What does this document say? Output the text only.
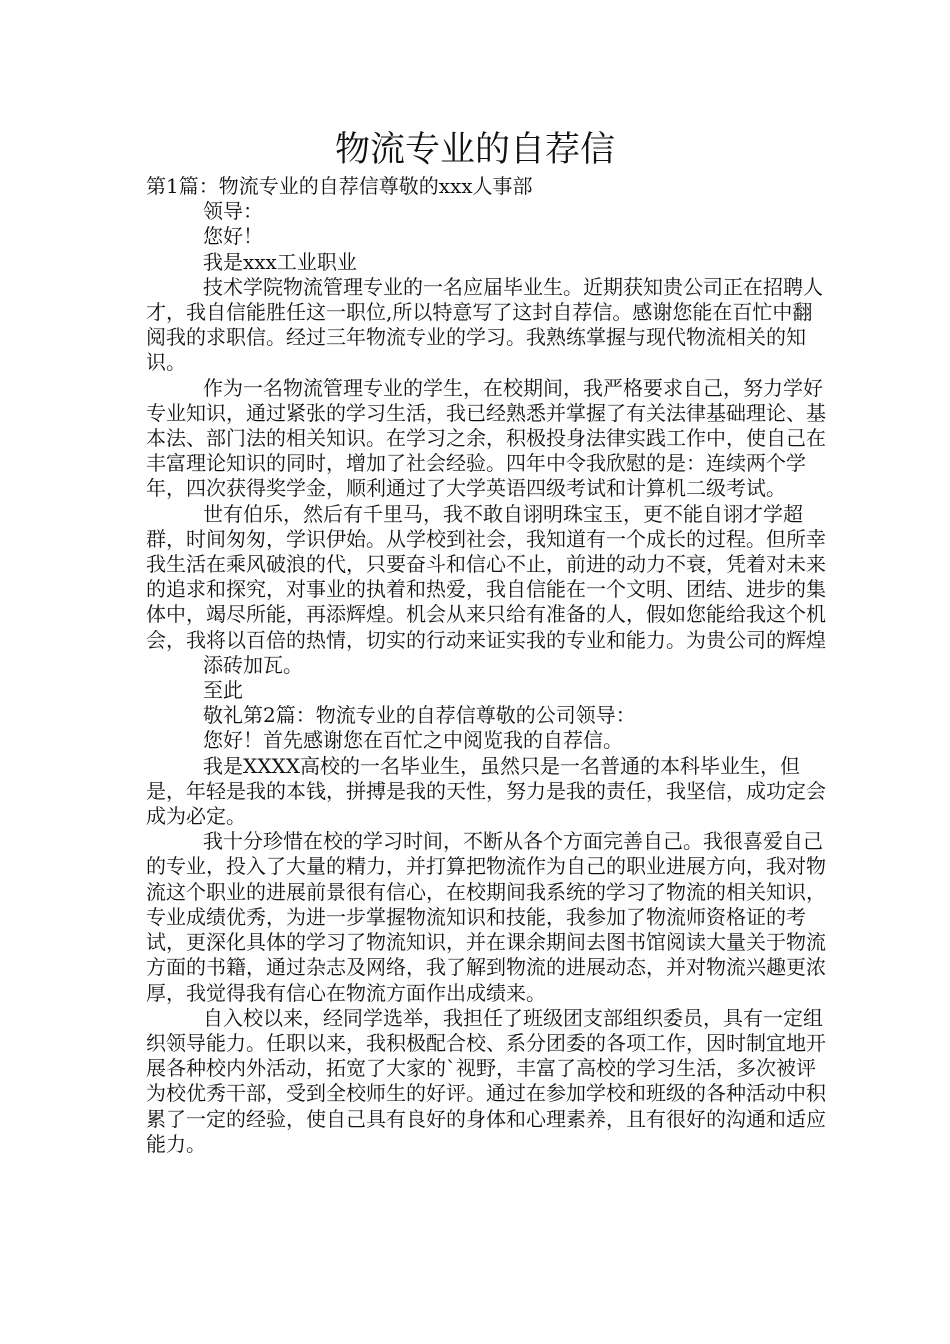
物流专业的自荐信

第1篇：物流专业的自荐信尊敬的xxx人事部

领导：

您好！

我是xxx工业职业

技术学院物流管理专业的一名应届毕业生。近期获知贵公司正在招聘人才，我自信能胜任这一职位,所以特意写了这封自荐信。感谢您能在百忙中翻阅我的求职信。经过三年物流专业的学习。我熟练掌握与现代物流相关的知识。

作为一名物流管理专业的学生，在校期间，我严格要求自己，努力学好专业知识，通过紧张的学习生活，我已经熟悉并掌握了有关法律基础理论、基本法、部门法的相关知识。在学习之余，积极投身法律实践工作中，使自己在丰富理论知识的同时，增加了社会经验。四年中令我欣慰的是：连续两个学年，四次获得奖学金，顺利通过了大学英语四级考试和计算机二级考试。

世有伯乐，然后有千里马，我不敢自诩明珠宝玉，更不能自诩才学超群，时间匆匆，学识伊始。从学校到社会，我知道有一个成长的过程。但所幸我生活在乘风破浪的代，只要奋斗和信心不止，前进的动力不衰，凭着对未来的追求和探究，对事业的执着和热爱，我自信能在一个文明、团结、进步的集体中，竭尽所能，再添辉煌。机会从来只给有准备的人，假如您能给我这个机会，我将以百倍的热情，切实的行动来证实我的专业和能力。为贵公司的辉煌

添砖加瓦。

至此

敬礼第2篇：物流专业的自荐信尊敬的公司领导：

您好！首先感谢您在百忙之中阅览我的自荐信。

我是XXXX高校的一名毕业生，虽然只是一名普通的本科毕业生，但是，年轻是我的本钱，拼搏是我的天性，努力是我的责任，我坚信，成功定会成为必定。

我十分珍惜在校的学习时间，不断从各个方面完善自己。我很喜爱自己的专业，投入了大量的精力，并打算把物流作为自己的职业进展方向，我对物流这个职业的进展前景很有信心，在校期间我系统的学习了物流的相关知识，专业成绩优秀，为进一步掌握物流知识和技能，我参加了物流师资格证的考试，更深化具体的学习了物流知识，并在课余期间去图书馆阅读大量关于物流方面的书籍，通过杂志及网络，我了解到物流的进展动态，并对物流兴趣更浓厚，我觉得我有信心在物流方面作出成绩来。

自入校以来，经同学选举，我担任了班级团支部组织委员，具有一定组织领导能力。任职以来，我积极配合校、系分团委的各项工作，因时制宜地开展各种校内外活动，拓宽了大家的`视野，丰富了高校的学习生活，多次被评为校优秀干部，受到全校师生的好评。通过在参加学校和班级的各种活动中积累了一定的经验，使自己具有良好的身体和心理素养，且有很好的沟通和适应能力。
